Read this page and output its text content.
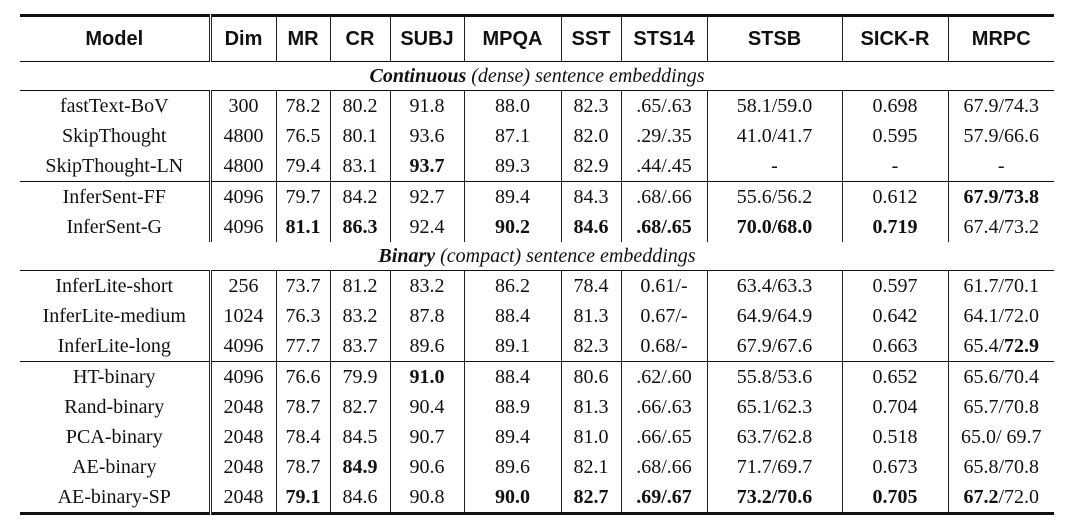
Model	Dim	MR	CR	SUBJ	MPQA	SST	STS14	STSB	SICK-R	MRPC
Continuous (dense) sentence embeddings										
fastText-BoV	300	78.2	80.2	91.8	88.0	82.3	.65/.63	58.1/59.0	0.698	67.9/74.3
SkipThought	4800	76.5	80.1	93.6	87.1	82.0	.29/.35	41.0/41.7	0.595	57.9/66.6
SkipThought-LN	4800	79.4	83.1	93.7	89.3	82.9	.44/.45	-	-	-
InferSent-FF	4096	79.7	84.2	92.7	89.4	84.3	.68/.66	55.6/56.2	0.612	67.9/73.8
InferSent-G	4096	81.1	86.3	92.4	90.2	84.6	.68/.65	70.0/68.0	0.719	67.4/73.2
Binary (compact) sentence embeddings										
InferLite-short	256	73.7	81.2	83.2	86.2	78.4	0.61/-	63.4/63.3	0.597	61.7/70.1
InferLite-medium	1024	76.3	83.2	87.8	88.4	81.3	0.67/-	64.9/64.9	0.642	64.1/72.0
InferLite-long	4096	77.7	83.7	89.6	89.1	82.3	0.68/-	67.9/67.6	0.663	65.4/72.9
HT-binary	4096	76.6	79.9	91.0	88.4	80.6	.62/.60	55.8/53.6	0.652	65.6/70.4
Rand-binary	2048	78.7	82.7	90.4	88.9	81.3	.66/.63	65.1/62.3	0.704	65.7/70.8
PCA-binary	2048	78.4	84.5	90.7	89.4	81.0	.66/.65	63.7/62.8	0.518	65.0/ 69.7
AE-binary	2048	78.7	84.9	90.6	89.6	82.1	.68/.66	71.7/69.7	0.673	65.8/70.8
AE-binary-SP	2048	79.1	84.6	90.8	90.0	82.7	.69/.67	73.2/70.6	0.705	67.2/72.0
